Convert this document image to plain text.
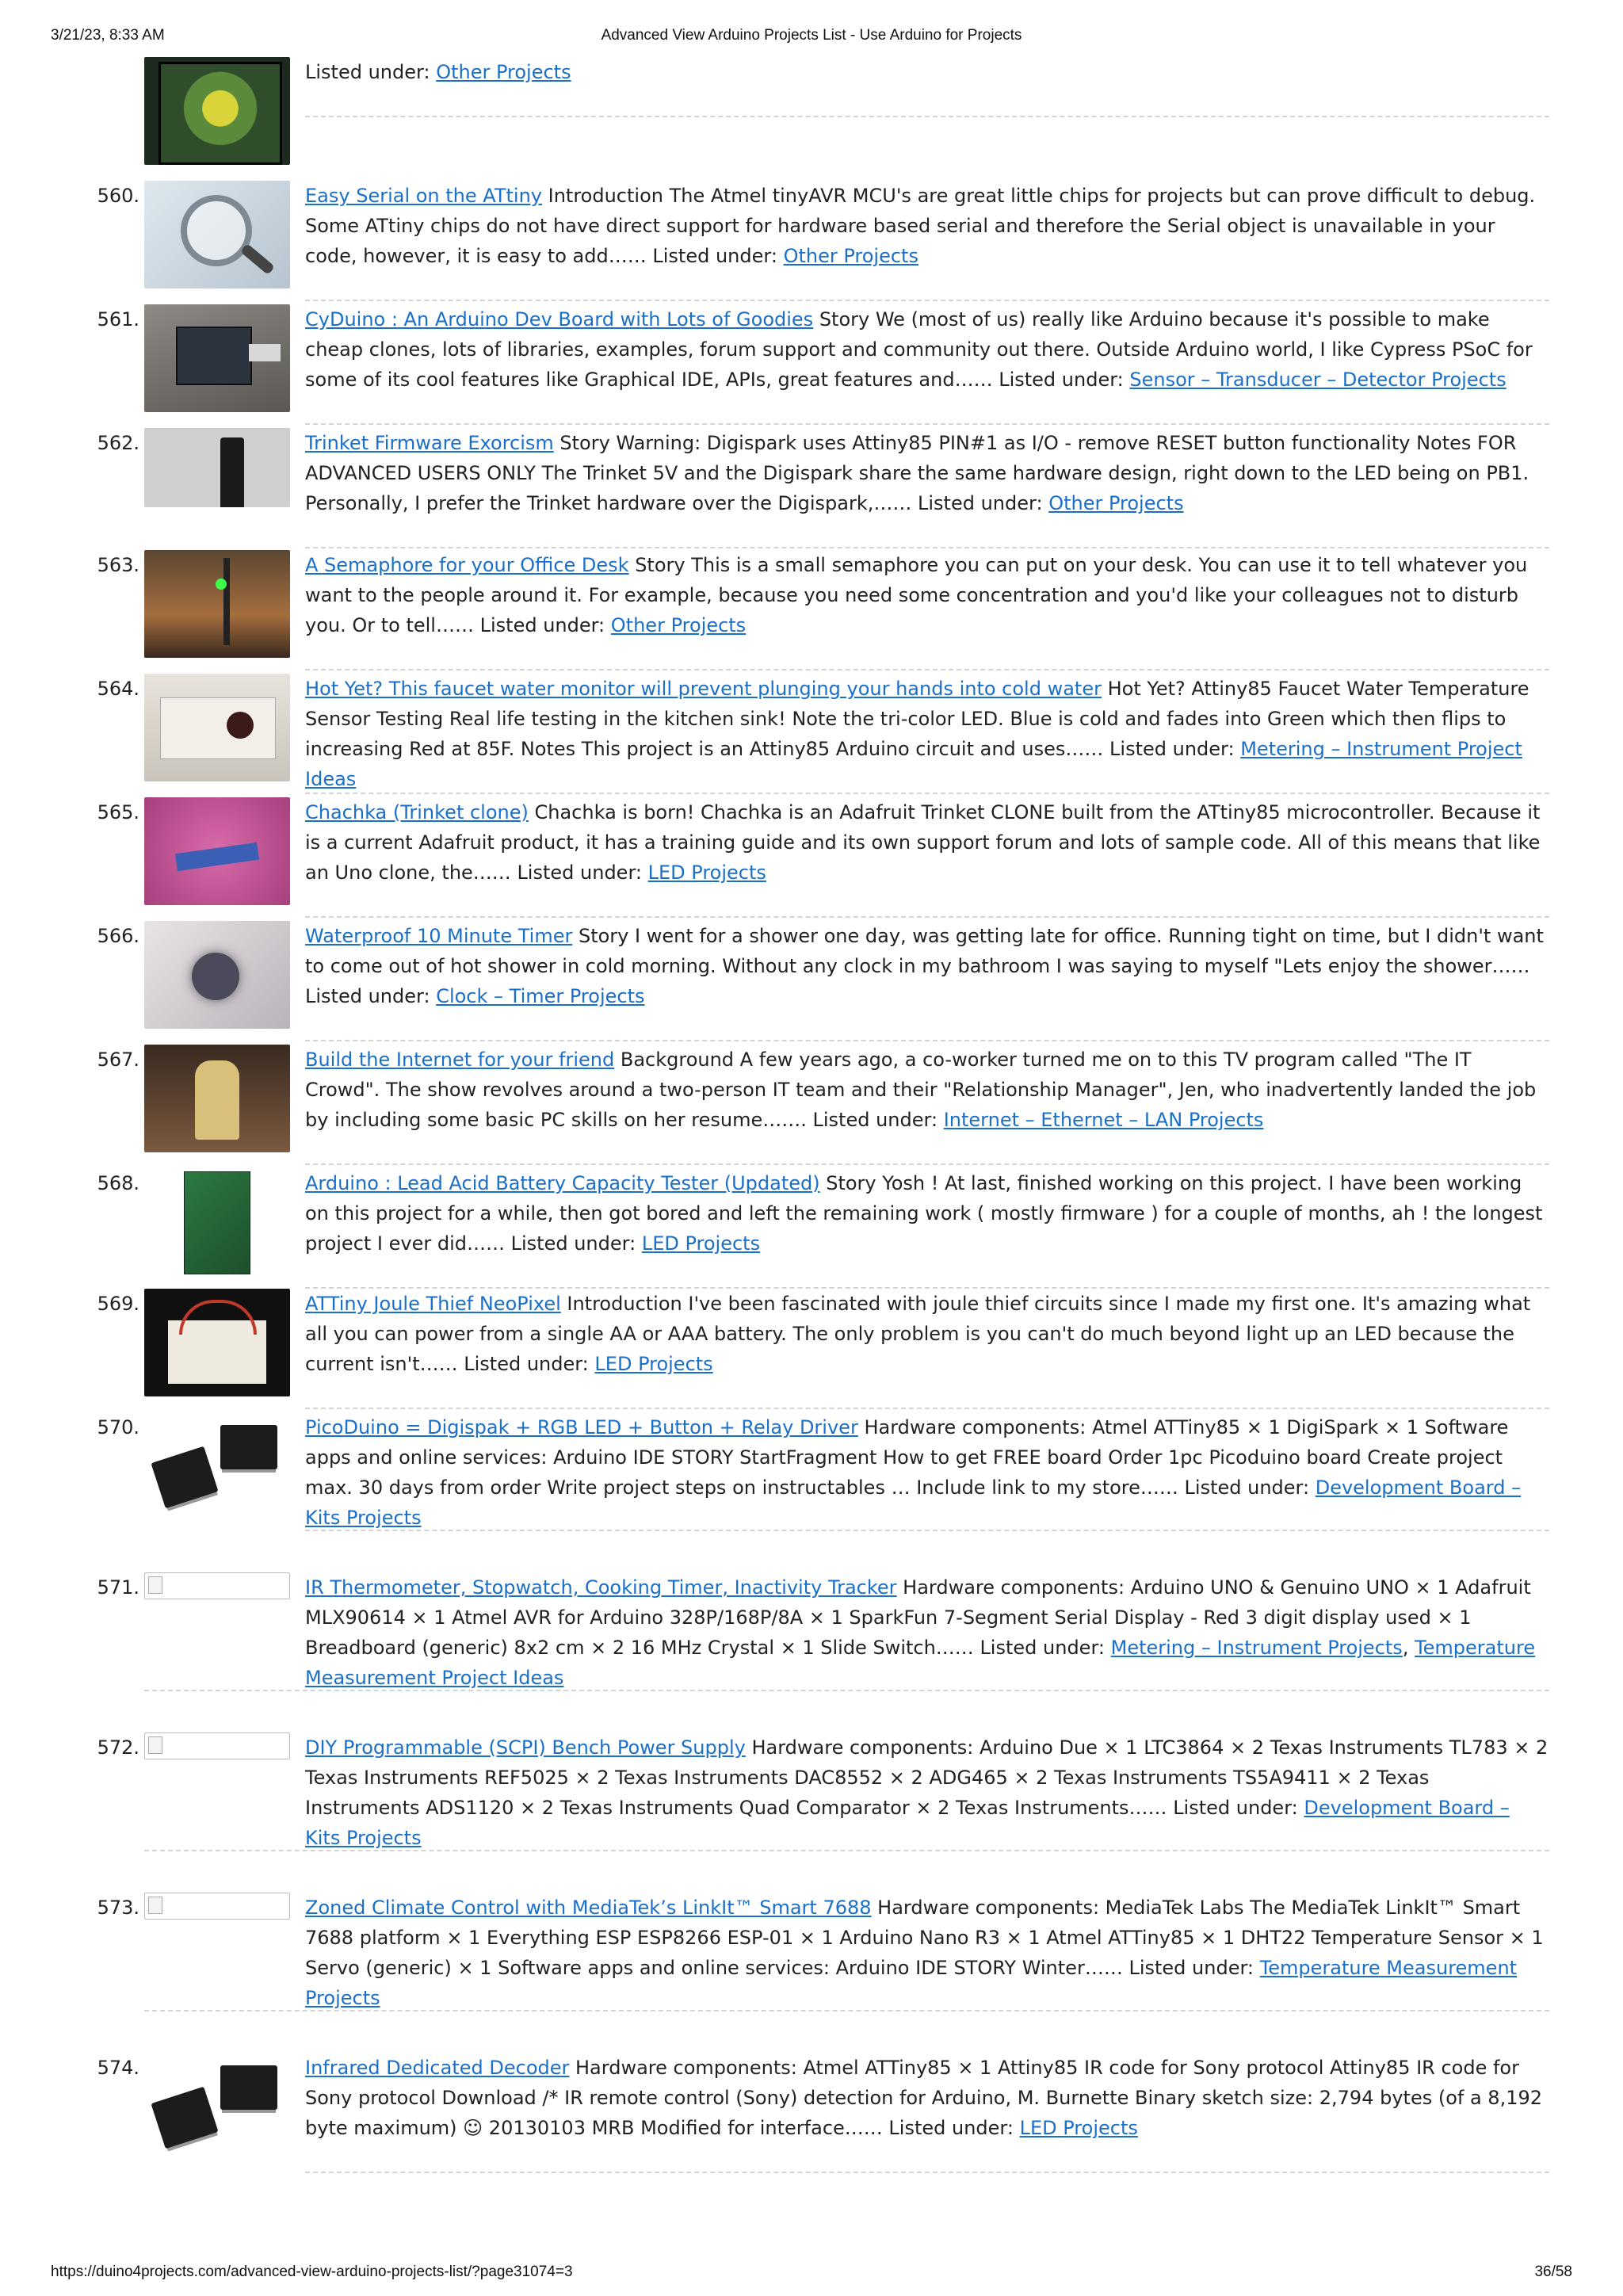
3/21/23, 8:33 AM	Advanced View Arduino Projects List - Use Arduino for Projects
Listed under: Other Projects
560.	Easy Serial on the ATtiny Introduction The Atmel tinyAVR MCU's are great little chips for projects but can prove difficult to debug. Some ATtiny chips do not have direct support for hardware based serial and therefore the Serial object is unavailable in your code, however, it is easy to add…… Listed under: Other Projects
561.	CyDuino : An Arduino Dev Board with Lots of Goodies Story We (most of us) really like Arduino because it's possible to make cheap clones, lots of libraries, examples, forum support and community out there. Outside Arduino world, I like Cypress PSoC for some of its cool features like Graphical IDE, APIs, great features and…… Listed under: Sensor – Transducer – Detector Projects
562.	Trinket Firmware Exorcism Story Warning: Digispark uses Attiny85 PIN#1 as I/O - remove RESET button functionality Notes FOR ADVANCED USERS ONLY The Trinket 5V and the Digispark share the same hardware design, right down to the LED being on PB1. Personally, I prefer the Trinket hardware over the Digispark,…… Listed under: Other Projects
563.	A Semaphore for your Office Desk Story This is a small semaphore you can put on your desk. You can use it to tell whatever you want to the people around it. For example, because you need some concentration and you'd like your colleagues not to disturb you. Or to tell…… Listed under: Other Projects
564.	Hot Yet? This faucet water monitor will prevent plunging your hands into cold water Hot Yet? Attiny85 Faucet Water Temperature Sensor Testing Real life testing in the kitchen sink! Note the tri-color LED. Blue is cold and fades into Green which then flips to increasing Red at 85F. Notes This project is an Attiny85 Arduino circuit and uses…… Listed under: Metering – Instrument Project Ideas
565.	Chachka (Trinket clone) Chachka is born! Chachka is an Adafruit Trinket CLONE built from the ATtiny85 microcontroller. Because it is a current Adafruit product, it has a training guide and its own support forum and lots of sample code. All of this means that like an Uno clone, the…… Listed under: LED Projects
566.	Waterproof 10 Minute Timer Story I went for a shower one day, was getting late for office. Running tight on time, but I didn't want to come out of hot shower in cold morning. Without any clock in my bathroom I was saying to myself "Lets enjoy the shower…… Listed under: Clock – Timer Projects
567.	Build the Internet for your friend Background A few years ago, a co-worker turned me on to this TV program called "The IT Crowd". The show revolves around a two-person IT team and their "Relationship Manager", Jen, who inadvertently landed the job by including some basic PC skills on her resume……. Listed under: Internet – Ethernet – LAN Projects
568.	Arduino : Lead Acid Battery Capacity Tester (Updated) Story Yosh ! At last, finished working on this project. I have been working on this project for a while, then got bored and left the remaining work ( mostly firmware ) for a couple of months, ah ! the longest project I ever did…… Listed under: LED Projects
569.	ATTiny Joule Thief NeoPixel Introduction I've been fascinated with joule thief circuits since I made my first one. It's amazing what all you can power from a single AA or AAA battery. The only problem is you can't do much beyond light up an LED because the current isn't…… Listed under: LED Projects
570.	PicoDuino = Digispak + RGB LED + Button + Relay Driver Hardware components: Atmel ATTiny85 × 1 DigiSpark × 1 Software apps and online services: Arduino IDE STORY StartFragment How to get FREE board Order 1pc Picoduino board Create project max. 30 days from order Write project steps on instructables … Include link to my store…… Listed under: Development Board – Kits Projects
571.	IR Thermometer, Stopwatch, Cooking Timer, Inactivity Tracker Hardware components: Arduino UNO & Genuino UNO × 1 Adafruit MLX90614 × 1 Atmel AVR for Arduino 328P/168P/8A × 1 SparkFun 7-Segment Serial Display - Red 3 digit display used × 1 Breadboard (generic) 8x2 cm × 2 16 MHz Crystal × 1 Slide Switch…… Listed under: Metering – Instrument Projects, Temperature Measurement Project Ideas
572.	DIY Programmable (SCPI) Bench Power Supply Hardware components: Arduino Due × 1 LTC3864 × 2 Texas Instruments TL783 × 2 Texas Instruments REF5025 × 2 Texas Instruments DAC8552 × 2 ADG465 × 2 Texas Instruments TS5A9411 × 2 Texas Instruments ADS1120 × 2 Texas Instruments Quad Comparator × 2 Texas Instruments…… Listed under: Development Board – Kits Projects
573.	Zoned Climate Control with MediaTek’s LinkIt™ Smart 7688 Hardware components: MediaTek Labs The MediaTek LinkIt™ Smart 7688 platform × 1 Everything ESP ESP8266 ESP-01 × 1 Arduino Nano R3 × 1 Atmel ATTiny85 × 1 DHT22 Temperature Sensor × 1 Servo (generic) × 1 Software apps and online services: Arduino IDE STORY Winter…… Listed under: Temperature Measurement Projects
574.	Infrared Dedicated Decoder Hardware components: Atmel ATTiny85 × 1 Attiny85 IR code for Sony protocol Attiny85 IR code for Sony protocol Download /* IR remote control (Sony) detection for Arduino, M. Burnette Binary sketch size: 2,794 bytes (of a 8,192 byte maximum) ☺ 20130103 MRB Modified for interface…… Listed under: LED Projects
https://duino4projects.com/advanced-view-arduino-projects-list/?page31074=3	36/58
